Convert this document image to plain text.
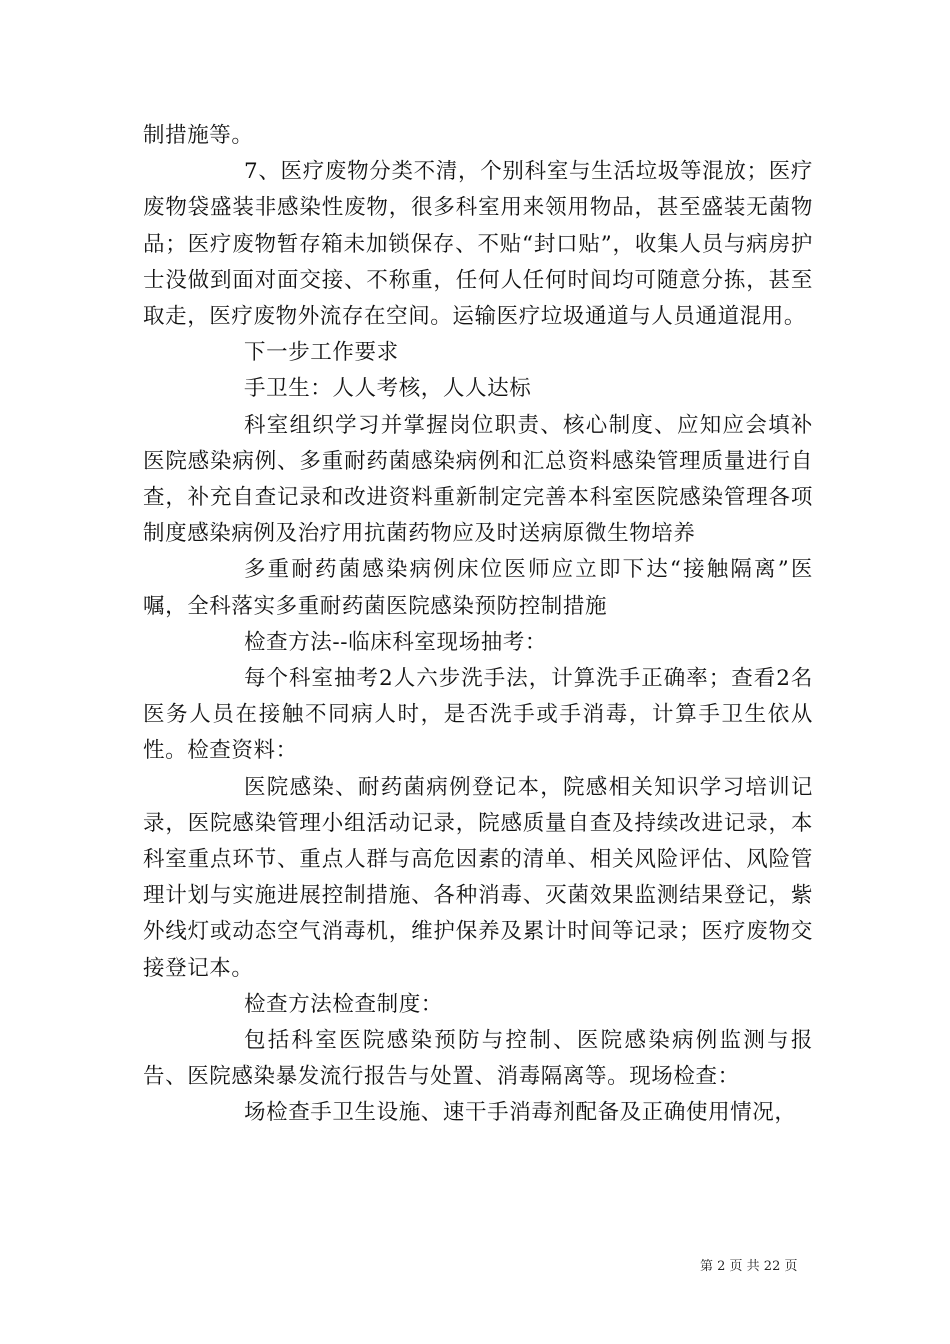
制措施等。

7、医疗废物分类不清，个别科室与生活垃圾等混放；医疗废物袋盛装非感染性废物，很多科室用来领用物品，甚至盛装无菌物品；医疗废物暂存箱未加锁保存、不贴“封口贴”，收集人员与病房护士没做到面对面交接、不称重，任何人任何时间均可随意分拣，甚至取走，医疗废物外流存在空间。运输医疗垃圾通道与人员通道混用。

下一步工作要求

手卫生：人人考核，人人达标

科室组织学习并掌握岗位职责、核心制度、应知应会填补医院感染病例、多重耐药菌感染病例和汇总资料感染管理质量进行自查，补充自查记录和改进资料重新制定完善本科室医院感染管理各项制度感染病例及治疗用抗菌药物应及时送病原微生物培养

多重耐药菌感染病例床位医师应立即下达“接触隔离”医嘱，全科落实多重耐药菌医院感染预防控制措施

检查方法--临床科室现场抽考：

每个科室抽考2人六步洗手法，计算洗手正确率；查看2名医务人员在接触不同病人时，是否洗手或手消毒，计算手卫生依从性。检查资料：

医院感染、耐药菌病例登记本，院感相关知识学习培训记录，医院感染管理小组活动记录，院感质量自查及持续改进记录，本科室重点环节、重点人群与高危因素的清单、相关风险评估、风险管理计划与实施进展控制措施、各种消毒、灭菌效果监测结果登记，紫外线灯或动态空气消毒机，维护保养及累计时间等记录；医疗废物交接登记本。

检查方法检查制度：

包括科室医院感染预防与控制、医院感染病例监测与报告、医院感染暴发流行报告与处置、消毒隔离等。现场检查：

场检查手卫生设施、速干手消毒剂配备及正确使用情况，

第 2 页 共 22 页
